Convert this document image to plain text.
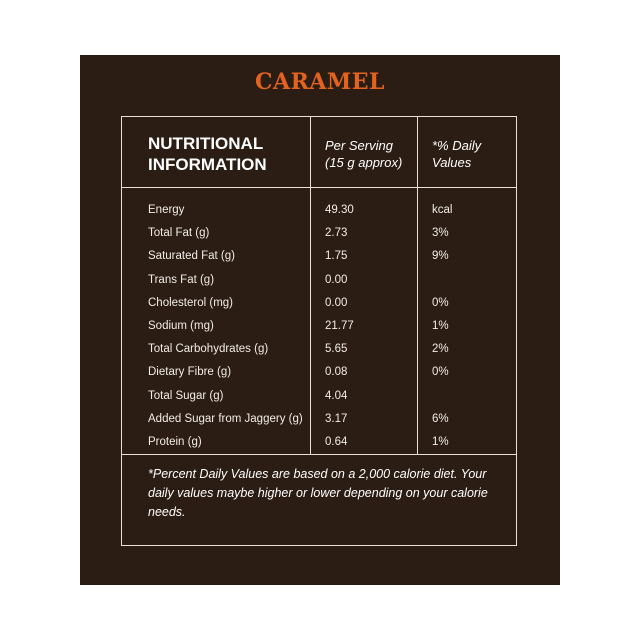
CARAMEL
NUTRITIONAL INFORMATION
Per Serving (15 g approx)
*% Daily Values
Energy	49.30	kcal
Total Fat (g)	2.73	3%
Saturated Fat (g)	1.75	9%
Trans Fat (g)	0.00
Cholesterol (mg)	0.00	0%
Sodium (mg)	21.77	1%
Total Carbohydrates (g)	5.65	2%
Dietary Fibre (g)	0.08	0%
Total Sugar (g)	4.04
Added Sugar from Jaggery (g) 3.17	6%
Protein (g)	0.64	1%
*Percent Daily Values are based on a 2,000 calorie diet. Your daily values maybe higher or lower depending on your calorie needs.
